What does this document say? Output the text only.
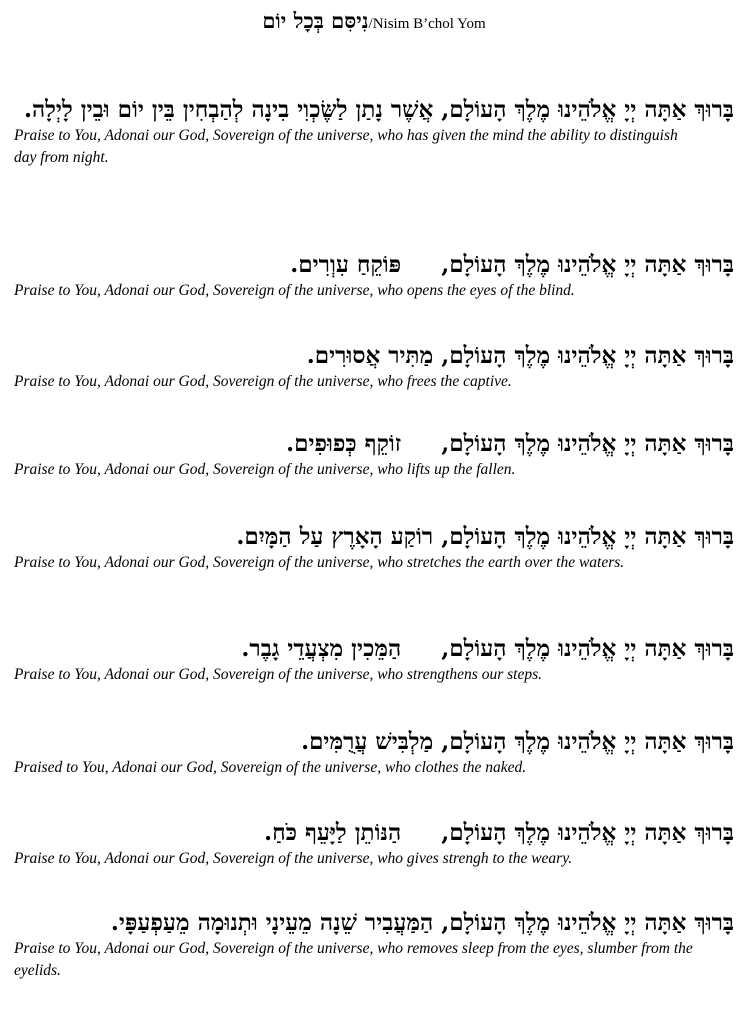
נִיסִּם בְּכׇל יוֹם/Nisim B’chol Yom

בָּרוּךְ אַתָּה יְיָ אֱלֹהֵינוּ מֶלֶךְ הָעוֹלָם, אֲשֶׁר נָתַן לַשֶּׂכְוִי בִינָה לְהַבְחִין בֵּין יוֹם וּבֵין לָיְלָה.

Praise to You, Adonai our God, Sovereign of the universe, who has given the mind the ability to distinguish day from night.

בָּרוּךְ אַתָּה יְיָ אֱלֹהֵינוּ מֶלֶךְ הָעוֹלָם,     פּוֹקֵחַ עִוְרִים.

Praise to You, Adonai our God, Sovereign of the universe, who opens the eyes of the blind.

בָּרוּךְ אַתָּה יְיָ אֱלֹהֵינוּ מֶלֶךְ הָעוֹלָם, מַתִּיר אֲסוּרִים.

Praise to You, Adonai our God, Sovereign of the universe, who frees the captive.

בָּרוּךְ אַתָּה יְיָ אֱלֹהֵינוּ מֶלֶךְ הָעוֹלָם,     זוֹקֵף כְּפוּפִים.

Praise to You, Adonai our God, Sovereign of the universe, who lifts up the fallen.

בָּרוּךְ אַתָּה יְיָ אֱלֹהֵינוּ מֶלֶךְ הָעוֹלָם, רוֹקַע הָאָרֶץ עַל הַמָּיִם.

Praise to You, Adonai our God, Sovereign of the universe, who stretches the earth over the waters.

בָּרוּךְ אַתָּה יְיָ אֱלֹהֵינוּ מֶלֶךְ הָעוֹלָם,     הַמֵּכִין מִצְעֲדֵי גָבֶר.

Praise to You, Adonai our God, Sovereign of the universe, who strengthens our steps.

בָּרוּךְ אַתָּה יְיָ אֱלֹהֵינוּ מֶלֶךְ הָעוֹלָם, מַלְבִּישׁ עֲרֻמִּים.

Praised to You, Adonai our God, Sovereign of the universe, who clothes the naked.

בָּרוּךְ אַתָּה יְיָ אֱלֹהֵינוּ מֶלֶךְ הָעוֹלָם,     הַנּוֹתֵן לַיָּעֵף כֹּחַ.

Praise to You, Adonai our God, Sovereign of the universe, who gives strengh to the weary.

בָּרוּךְ אַתָּה יְיָ אֱלֹהֵינוּ מֶלֶךְ הָעוֹלָם, הַמַּעֲבִיר שֵׁנָה מֵעֵינָי וּתְנוּמָה מֵעַפְעַפָּי.

Praise to You, Adonai our God, Sovereign of the universe, who removes sleep from the eyes, slumber from the eyelids.
